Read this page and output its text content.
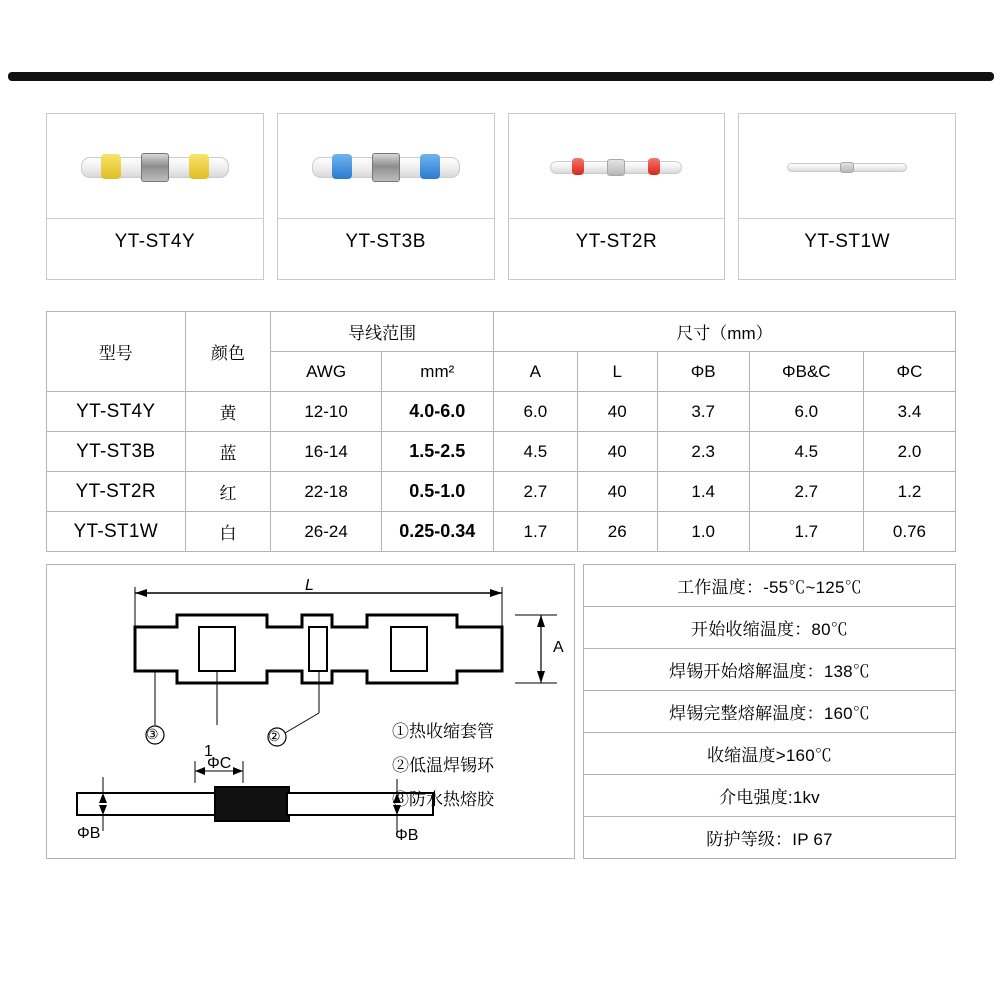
YT-ST4Y	YT-ST3B	YT-ST2R	YT-ST1W
型号	颜色	导线范围		尺寸（mm）				
		AWG	mm²	A	L	ΦB	ΦB&C	ΦC
YT-ST4Y	黄	12-10	4.0-6.0	6.0	40	3.7	6.0	3.4
YT-ST3B	蓝	16-14	1.5-2.5	4.5	40	2.3	4.5	2.0
YT-ST2R	红	22-18	0.5-1.0	2.7	40	1.4	2.7	1.2
YT-ST1W	白	26-24	0.25-0.34	1.7	26	1.0	1.7	0.76
L
A
1
③	②
ΦC
ΦB	ΦB
①热收缩套管
②低温焊锡环
③防水热熔胶
工作温度：-55℃~125℃
开始收缩温度：80℃
焊锡开始熔解温度：138℃
焊锡完整熔解温度：160℃
收缩温度>160℃
介电强度:1kv
防护等级：IP 67
